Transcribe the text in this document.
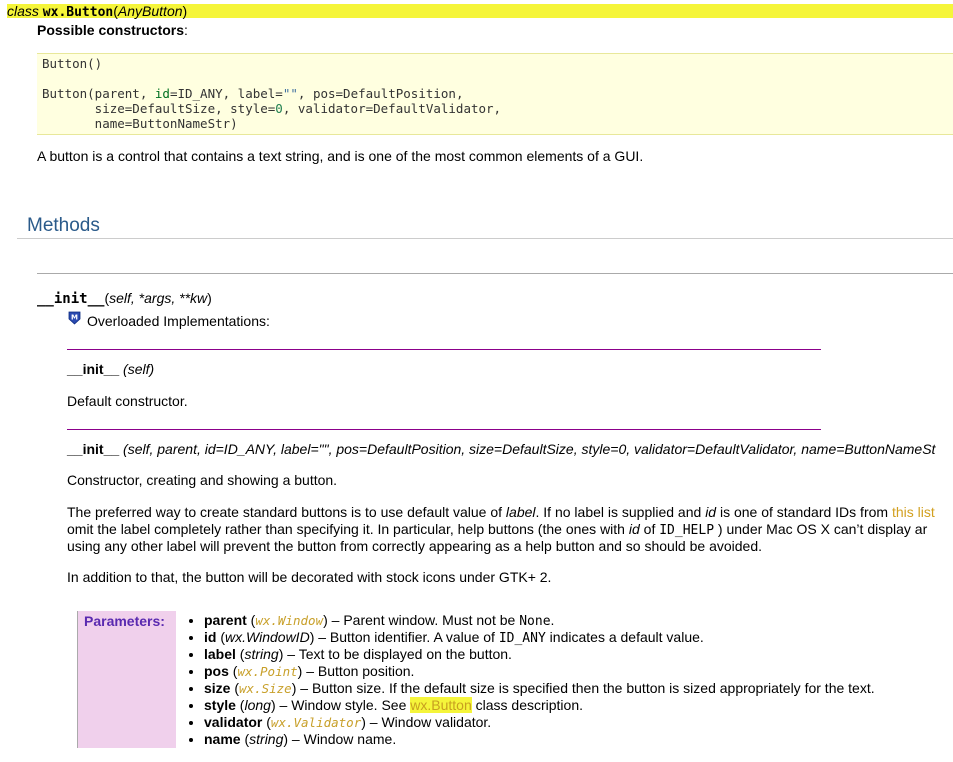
class wx.Button(AnyButton)
Possible constructors:
Button()

Button(parent, id=ID_ANY, label="", pos=DefaultPosition,
size=DefaultSize, style=0, validator=DefaultValidator,
name=ButtonNameStr)
A button is a control that contains a text string, and is one of the most common elements of a GUI.
Methods
__init__(self, *args, **kw)
M Overloaded Implementations:
__init__ (self)
Default constructor.
__init__ (self, parent, id=ID_ANY, label="", pos=DefaultPosition, size=DefaultSize, style=0, validator=DefaultValidator, name=ButtonNameSt
Constructor, creating and showing a button.
The preferred way to create standard buttons is to use default value of label. If no label is supplied and id is one of standard IDs from this list
omit the label completely rather than specifying it. In particular, help buttons (the ones with id of ID_HELP ) under Mac OS X can’t display ar
using any other label will prevent the button from correctly appearing as a help button and so should be avoided.
In addition to that, the button will be decorated with stock icons under GTK+ 2.
Parameters:
•	parent (wx.Window) – Parent window. Must not be None.
• id (wx.WindowID) – Button identifier. A value of ID_ANY indicates a default value.
• label (string) – Text to be displayed on the button.
• pos (wx.Point) – Button position.
• size (wx.Size) – Button size. If the default size is specified then the button is sized appropriately for the text.
• style (long) – Window style. See wx.Button class description.
• validator (wx.Validator) – Window validator.
• name (string) – Window name.
